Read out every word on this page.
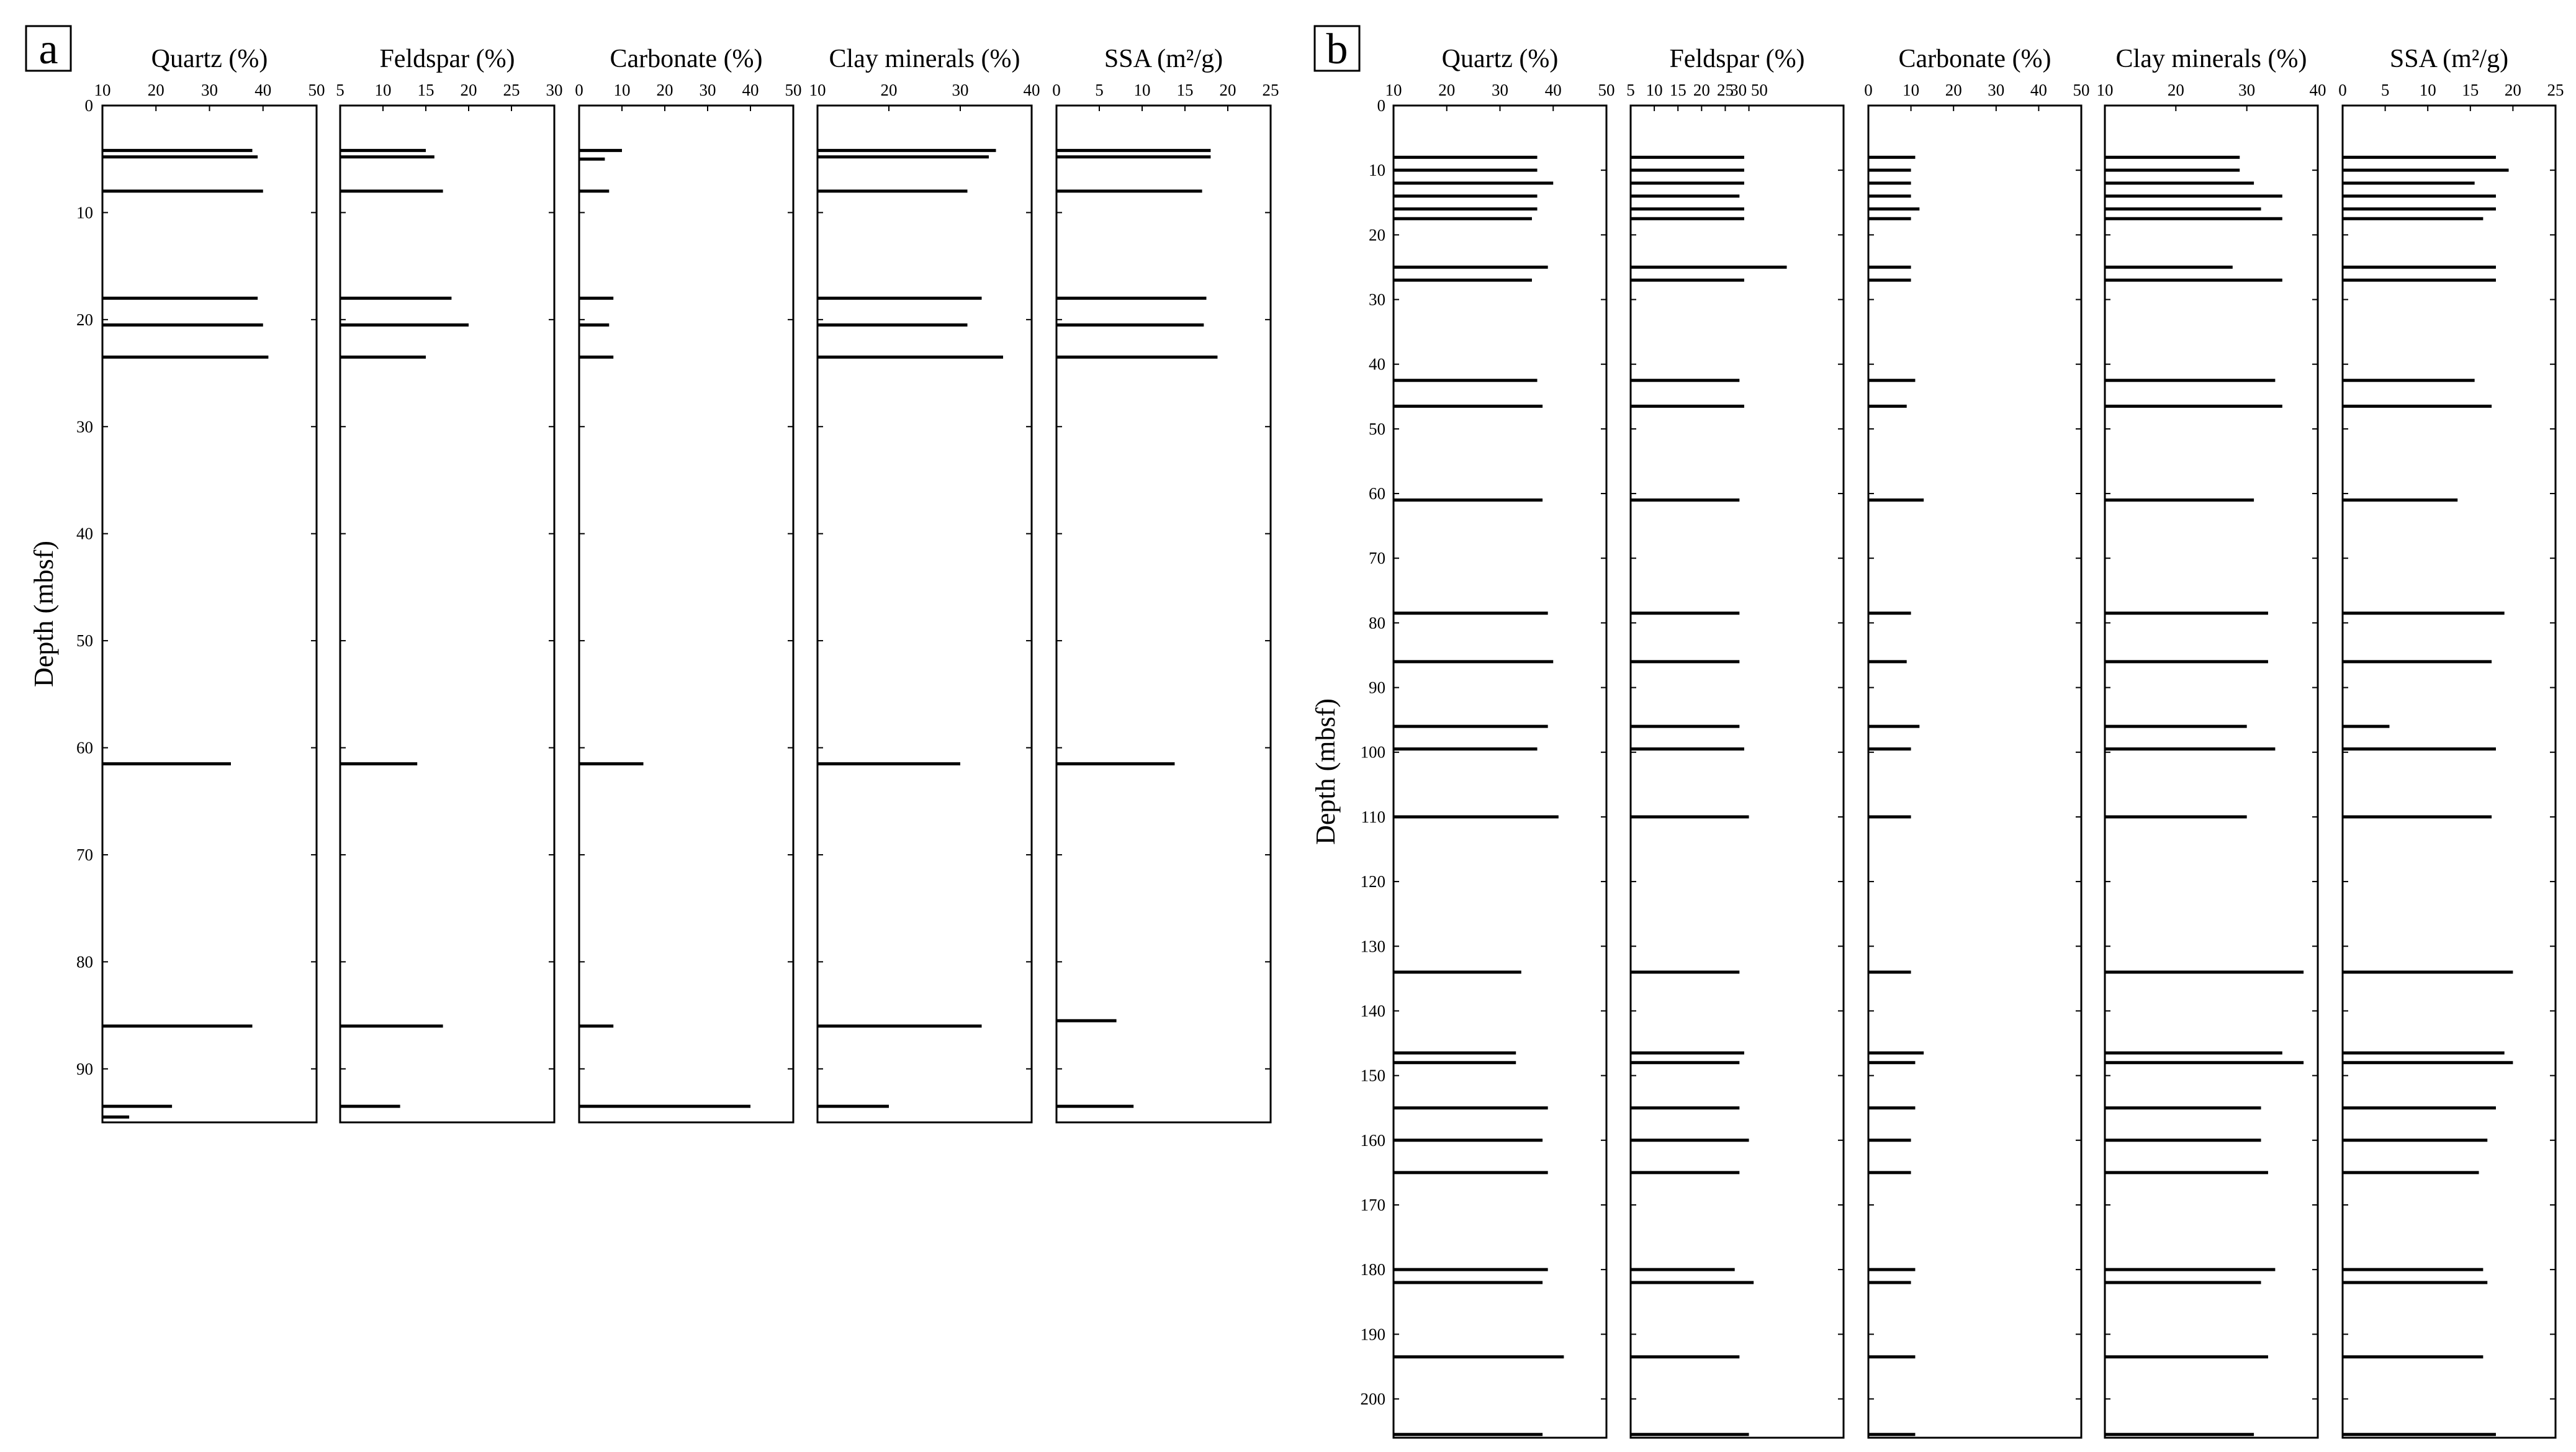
a
Depth (mbsf)
0
10
20
30
40
50
60
70
80
90
Quartz (%)
10 20 30 40 50
Feldspar (%)
5 10 15 20 25 30
Carbonate (%)
0 10 20 30 40 50
Clay minerals (%)
10	20	30	40
SSA (m²/g)
0 5 10 15 20 25
b
Depth (mbsf)
0
10
20
30
40
50
60
70
80
90
100
110
120
130
140
150
160
170
180
190
200
Quartz (%)
10 20 30 40 50
Feldspar (%)
5 10 15 20 25
30 50
Carbonate (%)
0 10 20 30 40 50
Clay minerals (%)
10	20	30	40
SSA (m²/g)
0 5 10 15 20 25
